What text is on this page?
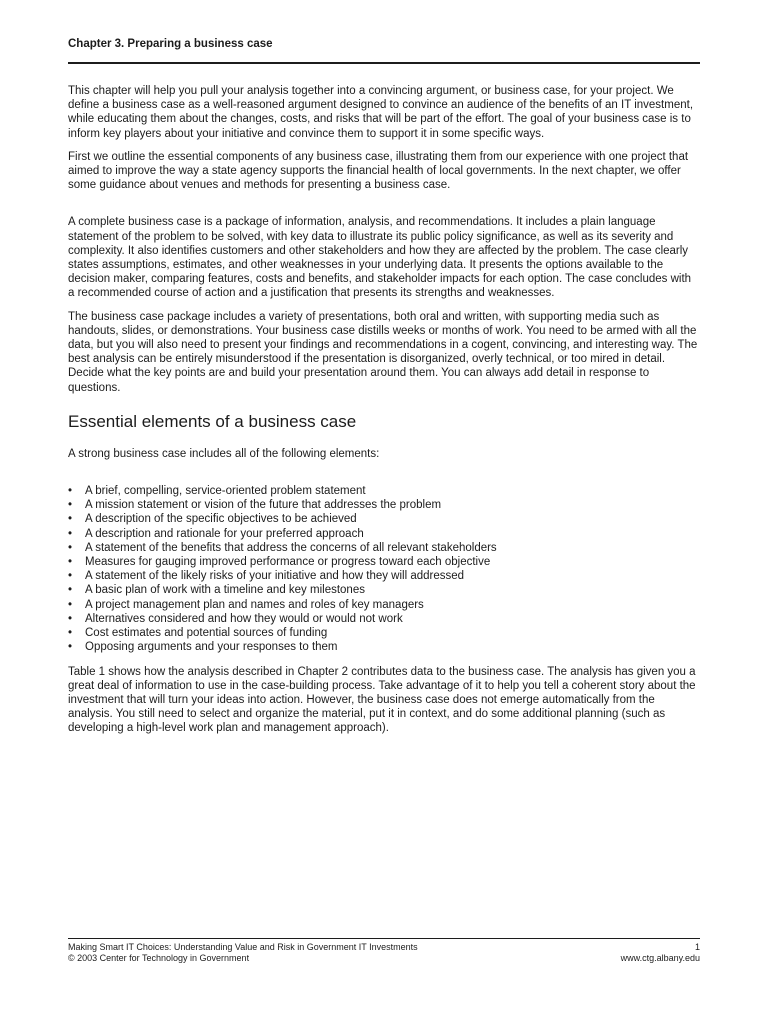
Chapter 3. Preparing a business case

This chapter will help you pull your analysis together into a convincing argument, or business case, for your project. We define a business case as a well-reasoned argument designed to convince an audience of the benefits of an IT investment, while educating them about the changes, costs, and risks that will be part of the effort. The goal of your business case is to inform key players about your initiative and convince them to support it in some specific ways.

First we outline the essential components of any business case, illustrating them from our experience with one project that aimed to improve the way a state agency supports the financial health of local governments. In the next chapter, we offer some guidance about venues and methods for presenting a business case.

A complete business case is a package of information, analysis, and recommendations. It includes a plain language statement of the problem to be solved, with key data to illustrate its public policy significance, as well as its severity and complexity. It also identifies customers and other stakeholders and how they are affected by the problem. The case clearly states assumptions, estimates, and other weaknesses in your underlying data. It presents the options available to the decision maker, comparing features, costs and benefits, and stakeholder impacts for each option. The case concludes with a recommended course of action and a justification that presents its strengths and weaknesses.

The business case package includes a variety of presentations, both oral and written, with supporting media such as handouts, slides, or demonstrations. Your business case distills weeks or months of work. You need to be armed with all the data, but you will also need to present your findings and recommendations in a cogent, convincing, and interesting way. The best analysis can be entirely misunderstood if the presentation is disorganized, overly technical, or too mired in detail. Decide what the key points are and build your presentation around them. You can always add detail in response to questions.

Essential elements of a business case

A strong business case includes all of the following elements:

•	A brief, compelling, service-oriented problem statement
•	A mission statement or vision of the future that addresses the problem
•	A description of the specific objectives to be achieved
•	A description and rationale for your preferred approach
•	A statement of the benefits that address the concerns of all relevant stakeholders
•	Measures for gauging improved performance or progress toward each objective
•	A statement of the likely risks of your initiative and how they will addressed
•	A basic plan of work with a timeline and key milestones
•	A project management plan and names and roles of key managers
•	Alternatives considered and how they would or would not work
•	Cost estimates and potential sources of funding
•	Opposing arguments and your responses to them

Table 1 shows how the analysis described in Chapter 2 contributes data to the business case. The analysis has given you a great deal of information to use in the case-building process. Take advantage of it to help you tell a coherent story about the investment that will turn your ideas into action. However, the business case does not emerge automatically from the analysis. You still need to select and organize the material, put it in context, and do some additional planning (such as developing a high-level work plan and management approach).

Making Smart IT Choices: Understanding Value and Risk in Government IT Investments	1
© 2003 Center for Technology in Government	www.ctg.albany.edu
